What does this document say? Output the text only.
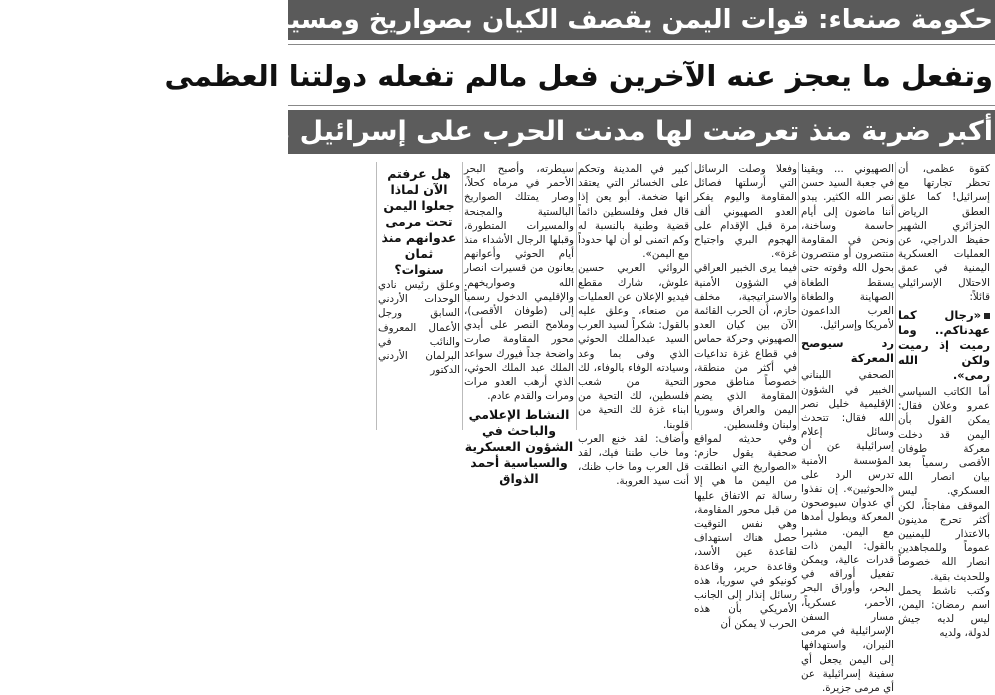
حكومة صنعاء: قوات اليمن يقصف الكيان بصواريخ ومسيرات
وتفعل ما يعجز عنه الآخرين فعل مالم تفعله دولتنا العظمى
أكبر ضربة منذ تعرضت لها مدنت الحرب على إسرائيل منذ حرب اكتوبر 1973

كقوة عظمى، أن تحظر تجارتها مع إسرائيل! كما علق العطق الرياض الجزائري الشهير حفيظ الدراجي، عن العمليات العسكرية اليمنية في عمق الاحتلال الإسرائيلي قائلاً:

«رجال كما عهدناكم.. وما رميت إذ رميت ولكن الله رمى».

أما الكاتب السياسي عمرو وعلان فقال: يمكن القول بأن اليمن قد دخلت معركة طوفان الأقصى رسمياً بعد بيان انصار الله العسكري. ليس الموقف مفاجئاً، لكن أكثر تحرج مدينون بالاعتذار لليمنيين عموماً وللمجاهدين انصار الله خصوصاً وللحديث بقية.

وكتب ناشط يحمل اسم رمضان: اليمن، ليس لديه جيش لدولة، ولديه

الصهيوني ... ويقينا في جعبة السيد حسن نصر الله الكثير. يبدو أننا ماضون إلى أيام حاسمة وساخنة، ونحن في المقاومة منتصرون أو منتصرون بحول الله وقوته حتى يسقط الطغاة الصهاينة والطغاة العرب الداعمون لأمريكا وإسرائيل.

رد سيوصح المعركة

الصحفي اللبناني الخبير في الشؤون الإقليمية خليل نصر الله فقال: تتحدث وسائل إعلام إسرائيلية عن أن المؤسسة الأمنية تدرس الرد على «الحوثيين». إن نفذوا أي عدوان سيوصحون المعركة ويطول أمدها مع اليمن. مشيرا بالقول: اليمن ذات قدرات عالية، ويمكن تفعيل أوراقه في البحر، وأوراق البحر الأحمر، عسكرياً، مسار السفن الإسرائيلية في مرمى النيران، واستهدافها إلى اليمن يجعل أي سفينة إسرائيلية عن أي مرمى جزيرة.

وفعلا وصلت الرسائل التي أرسلتها فصائل المقاومة واليوم يفكر العدو الصهيوني ألف مرة قبل الإقدام على الهجوم البري واجتياح غزة».

فيما يرى الخبير العراقي في الشؤون الأمنية والاستراتيجية، مخلف حازم، أن الحرب القائمة الآن بين كيان العدو الصهيوني وحركة حماس في قطاع غزة تداعيات في أكثر من منطقة، خصوصاً مناطق محور المقاومة الذي يضم اليمن والعراق وسوريا ولبنان وفلسطين.

وفي حديثه لمواقع صحفية يقول حازم: «الصواريخ التي انطلقت من اليمن ما هي إلا رسالة تم الاتفاق عليها من قبل محور المقاومة، وهي نفس التوقيت حصل هناك استهداف لقاعدة عين الأسد، وقاعدة حرير، وقاعدة كونيكو في سوريا، هذه رسائل إنذار إلى الجانب الأمريكي بأن هذه الحرب لا يمكن أن

كبير في المدينة وتحكم على الخسائر التي يعتقد انها ضخمة. أبو يعن إذا قال فعل وفلسطين دائماً قضية وطنية بالنسبة له وكم اتمنى لو أن لها حدوداً مع اليمن».

الروائي العربي حسين علوش، شارك مقطع فيديو الإعلان عن العمليات من صنعاء، وعلق عليه بالقول: شكراً لسيد العرب السيد عبدالملك الحوثي الذي وفى بما وعد وسيادته الوفاء بالوفاء، لك التحية من شعب فلسطين، لك التحية من ابناء غزة لك التحية من قلوبنا.

وأضاف: لقد خنع العرب وما خاب طننا فيك، لقد قل العرب وما خاب ظنك، أنت سيد العروبة.

سيطرته، وأصبح البحر الأحمر في مرماه كحلاً، وصار يمتلك الصواريخ البالستية والمجنحة والمسيرات المتطورة، وقبلها الرجال الأشداء منذ أيام الحوثي وأعوانهم يعانون من قسيرات انصار الله وصواريخهم. والإقليمي الدخول رسمياً إلى (طوفان الأقصى)، وملامح النصر على أيدي محور المقاومة صارت واضحة جداً فيورك سواعد الملك عبد الملك الحوثي، الذي أرهب العدو مرات ومرات والقدم عادم.

النشاط الإعلامي والباحث في الشؤون العسكرية والسياسية أحمد الذواق
هل عرفتم الآن لماذا جعلوا اليمن تحت مرمى عدوانهم منذ ثمان سنوات؟

وعلق رئيس نادي الوحدات الأردني السابق ورجل الأعمال المعروف والنائب في البرلمان الأردني الدكتور
